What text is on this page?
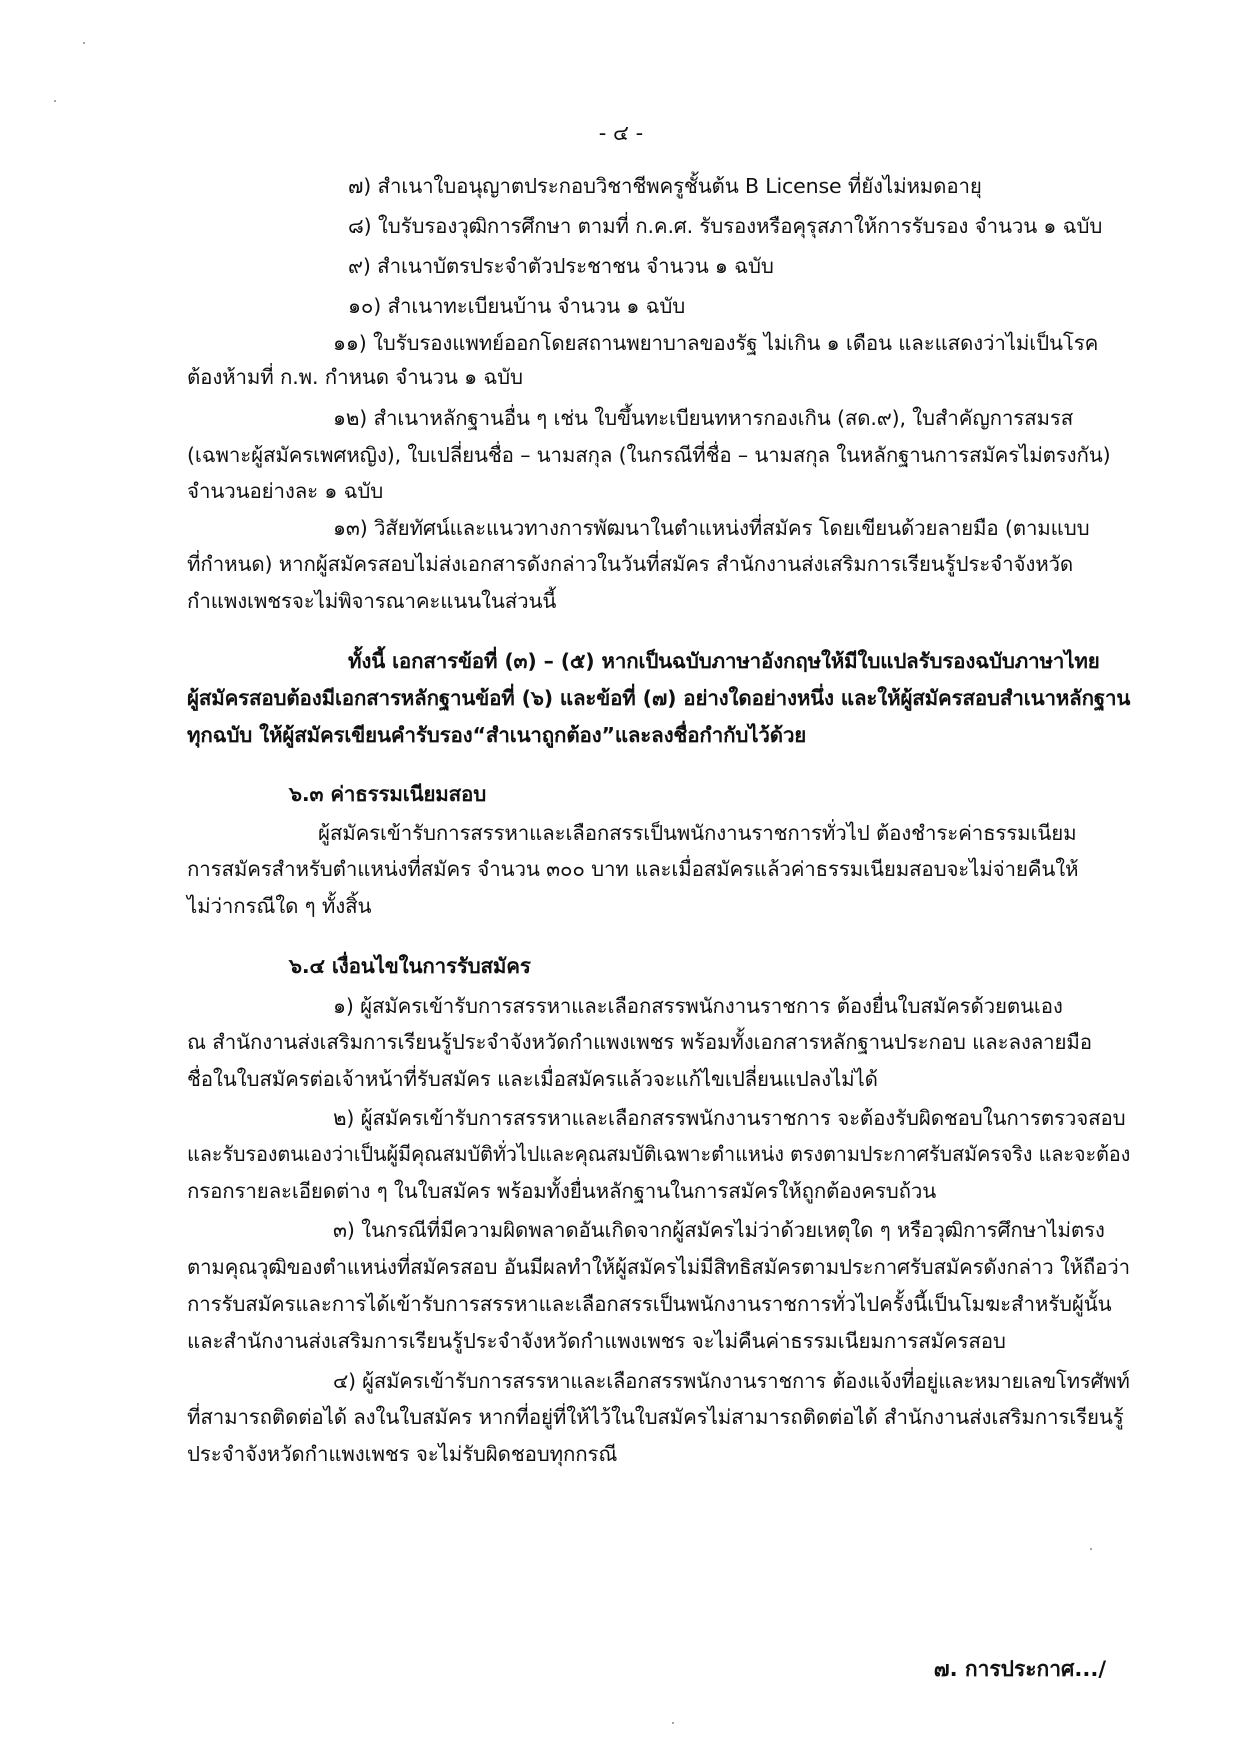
- ๔ -
๗) สำเนาใบอนุญาตประกอบวิชาชีพครูชั้นต้น B License ที่ยังไม่หมดอายุ
๘) ใบรับรองวุฒิการศึกษา ตามที่ ก.ค.ศ. รับรองหรือคุรุสภาให้การรับรอง จำนวน ๑ ฉบับ
๙) สำเนาบัตรประจำตัวประชาชน จำนวน ๑ ฉบับ
๑๐) สำเนาทะเบียนบ้าน จำนวน ๑ ฉบับ
๑๑) ใบรับรองแพทย์ออกโดยสถานพยาบาลของรัฐ ไม่เกิน ๑ เดือน และแสดงว่าไม่เป็นโรค
ต้องห้ามที่ ก.พ. กำหนด จำนวน ๑ ฉบับ
๑๒) สำเนาหลักฐานอื่น ๆ เช่น ใบขึ้นทะเบียนทหารกองเกิน (สด.๙), ใบสำคัญการสมรส
(เฉพาะผู้สมัครเพศหญิง), ใบเปลี่ยนชื่อ – นามสกุล (ในกรณีที่ชื่อ – นามสกุล ในหลักฐานการสมัครไม่ตรงกัน)
จำนวนอย่างละ ๑ ฉบับ
๑๓) วิสัยทัศน์และแนวทางการพัฒนาในตำแหน่งที่สมัคร โดยเขียนด้วยลายมือ (ตามแบบ
ที่กำหนด) หากผู้สมัครสอบไม่ส่งเอกสารดังกล่าวในวันที่สมัคร สำนักงานส่งเสริมการเรียนรู้ประจำจังหวัด
กำแพงเพชรจะไม่พิจารณาคะแนนในส่วนนี้
ทั้งนี้ เอกสารข้อที่ (๓) – (๕) หากเป็นฉบับภาษาอังกฤษให้มีใบแปลรับรองฉบับภาษาไทย
ผู้สมัครสอบต้องมีเอกสารหลักฐานข้อที่ (๖) และข้อที่ (๗) อย่างใดอย่างหนึ่ง และให้ผู้สมัครสอบสำเนาหลักฐาน
ทุกฉบับ ให้ผู้สมัครเขียนคำรับรอง“สำเนาถูกต้อง”และลงชื่อกำกับไว้ด้วย
๖.๓ ค่าธรรมเนียมสอบ
ผู้สมัครเข้ารับการสรรหาและเลือกสรรเป็นพนักงานราชการทั่วไป ต้องชำระค่าธรรมเนียม
การสมัครสำหรับตำแหน่งที่สมัคร จำนวน ๓๐๐ บาท และเมื่อสมัครแล้วค่าธรรมเนียมสอบจะไม่จ่ายคืนให้
ไม่ว่ากรณีใด ๆ ทั้งสิ้น
๖.๔ เงื่อนไขในการรับสมัคร
๑) ผู้สมัครเข้ารับการสรรหาและเลือกสรรพนักงานราชการ ต้องยื่นใบสมัครด้วยตนเอง
ณ สำนักงานส่งเสริมการเรียนรู้ประจำจังหวัดกำแพงเพชร พร้อมทั้งเอกสารหลักฐานประกอบ และลงลายมือ
ชื่อในใบสมัครต่อเจ้าหน้าที่รับสมัคร และเมื่อสมัครแล้วจะแก้ไขเปลี่ยนแปลงไม่ได้
๒) ผู้สมัครเข้ารับการสรรหาและเลือกสรรพนักงานราชการ จะต้องรับผิดชอบในการตรวจสอบ
และรับรองตนเองว่าเป็นผู้มีคุณสมบัติทั่วไปและคุณสมบัติเฉพาะตำแหน่ง ตรงตามประกาศรับสมัครจริง และจะต้อง
กรอกรายละเอียดต่าง ๆ ในใบสมัคร พร้อมทั้งยื่นหลักฐานในการสมัครให้ถูกต้องครบถ้วน
๓) ในกรณีที่มีความผิดพลาดอันเกิดจากผู้สมัครไม่ว่าด้วยเหตุใด ๆ หรือวุฒิการศึกษาไม่ตรง
ตามคุณวุฒิของตำแหน่งที่สมัครสอบ อันมีผลทำให้ผู้สมัครไม่มีสิทธิสมัครตามประกาศรับสมัครดังกล่าว ให้ถือว่า
การรับสมัครและการได้เข้ารับการสรรหาและเลือกสรรเป็นพนักงานราชการทั่วไปครั้งนี้เป็นโมฆะสำหรับผู้นั้น
และสำนักงานส่งเสริมการเรียนรู้ประจำจังหวัดกำแพงเพชร จะไม่คืนค่าธรรมเนียมการสมัครสอบ
๔) ผู้สมัครเข้ารับการสรรหาและเลือกสรรพนักงานราชการ ต้องแจ้งที่อยู่และหมายเลขโทรศัพท์
ที่สามารถติดต่อได้ ลงในใบสมัคร หากที่อยู่ที่ให้ไว้ในใบสมัครไม่สามารถติดต่อได้ สำนักงานส่งเสริมการเรียนรู้
ประจำจังหวัดกำแพงเพชร จะไม่รับผิดชอบทุกกรณี
๗. การประกาศ.../
